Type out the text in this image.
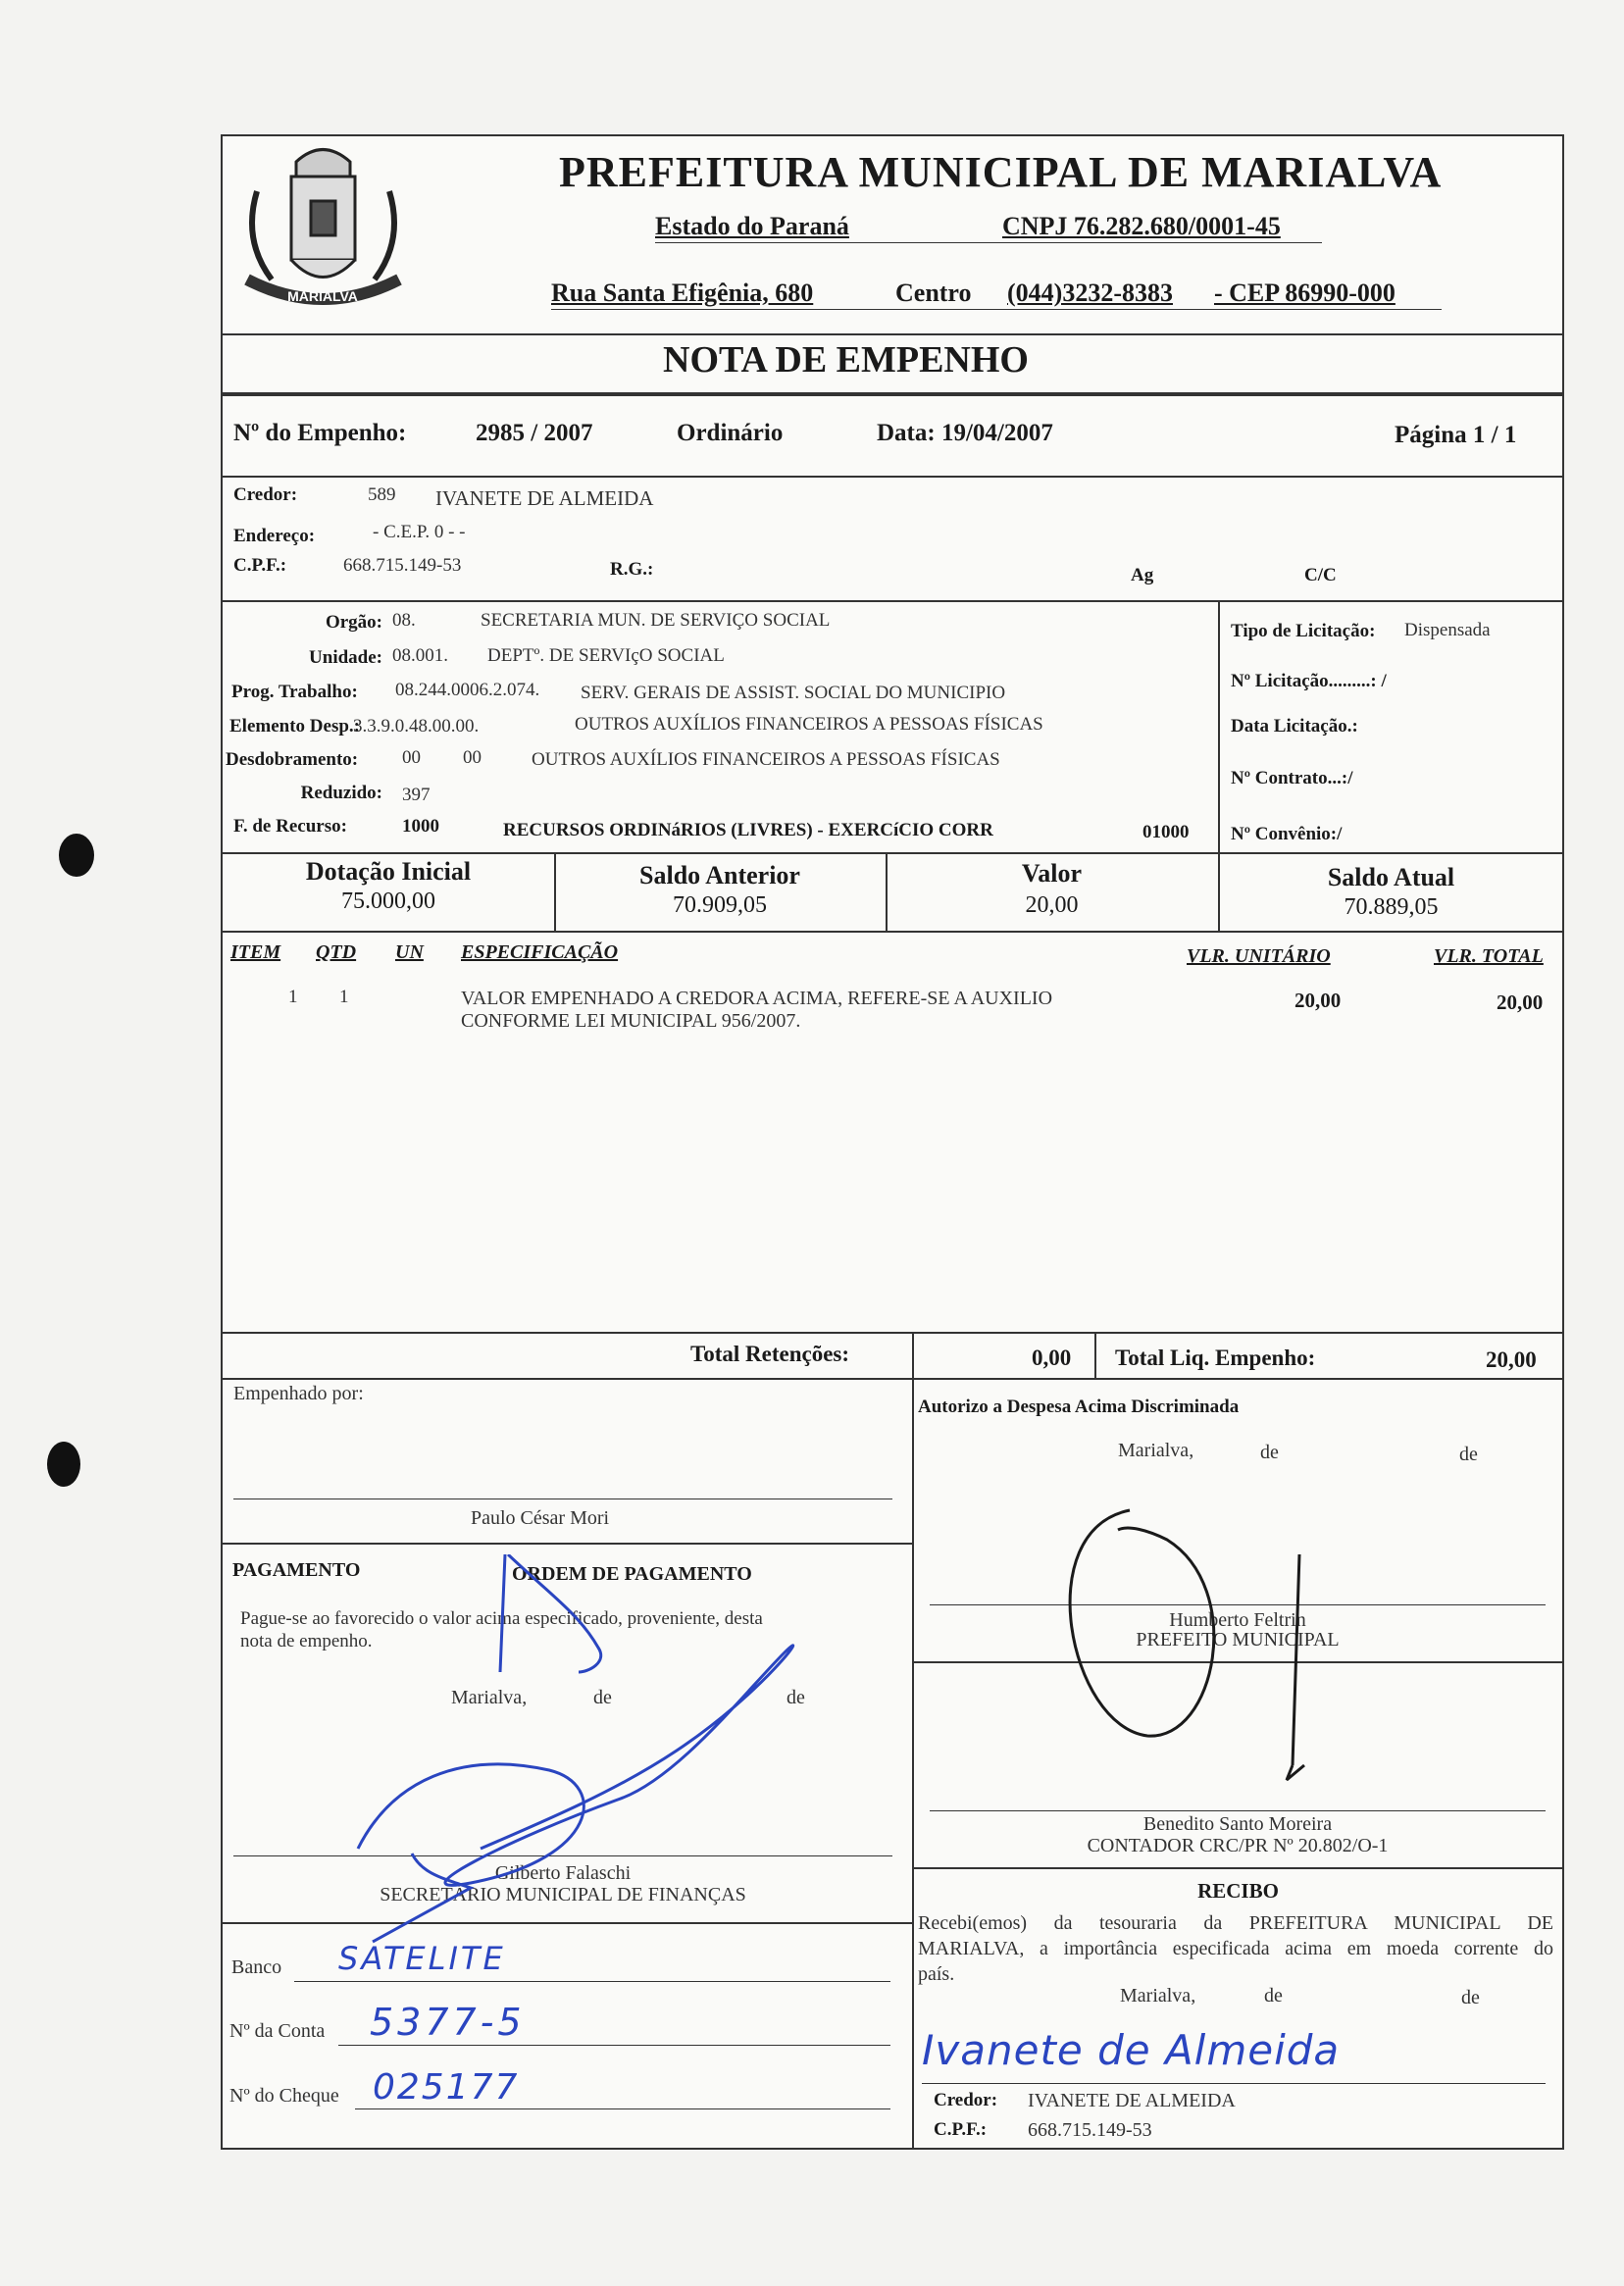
MARIALVA
PREFEITURA MUNICIPAL DE MARIALVA
Estado do Paraná	CNPJ 76.282.680/0001-45
Rua Santa Efigênia, 680	Centro (044)3232-8383 - CEP 86990-000
NOTA DE EMPENHO
Nº do Empenho:	2985 / 2007	Ordinário	Data: 19/04/2007	Página 1 / 1
Credor:	589 IVANETE DE ALMEIDA
Endereço:	- C.E.P. 0 - -
C.P.F.:	668.715.149-53	R.G.:	Ag	C/C
Orgão: 08.	SECRETARIA MUN. DE SERVIÇO SOCIAL
Unidade: 08.001. DEPTº. DE SERVIçO SOCIAL
Prog. Trabalho: 08.244.0006.2.074. SERV. GERAIS DE ASSIST. SOCIAL DO MUNICIPIO
Elemento Desp.:
3.3.9.0.48.00.00.	OUTROS AUXÍLIOS FINANCEIROS A PESSOAS FÍSICAS
Desdobramento: 00 00	OUTROS AUXÍLIOS FINANCEIROS A PESSOAS FÍSICAS
Reduzido: 397
F. de Recurso:	1000	RECURSOS ORDINáRIOS (LIVRES) - EXERCíCIO CORR	01000
Tipo de Licitação: Dispensada
Nº Licitação.........: /
Data Licitação.:
Nº Contrato...:/
Nº Convênio:/
Dotação Inicial
75.000,00
Saldo Anterior
70.909,05
Valor
20,00
Saldo Atual
70.889,05
ITEM QTD UN ESPECIFICAÇÃO	VLR. UNITÁRIO	VLR. TOTAL
1 1	VALOR EMPENHADO A CREDORA ACIMA, REFERE-SE A AUXILIO
CONFORME LEI MUNICIPAL 956/2007.
20,00	20,00
Total Retenções:	0,00 Total Liq. Empenho:	20,00
Empenhado por:
Paulo César Mori
Autorizo a Despesa Acima Discriminada
Marialva,	de	de
Humberto Feltrin
PREFEITO MUNICIPAL
Benedito Santo Moreira
CONTADOR CRC/PR Nº 20.802/O-1
PAGAMENTO	ORDEM DE PAGAMENTO
Pague-se ao favorecido o valor acima especificado, proveniente, desta
nota de empenho.
Marialva,	de	de
Gilberto Falaschi
SECRETÁRIO MUNICIPAL DE FINANÇAS	RECIBO
Recebi(emos) da tesouraria da PREFEITURA MUNICIPAL DE
MARIALVA, a importância especificada acima em moeda corrente do
país.
Marialva,	de	de
Ivanete de Almeida
Credor: IVANETE DE ALMEIDA
C.P.F.: 668.715.149-53
Banco SATELITE
Nº da Conta 5377-5
Nº do Cheque 025177
